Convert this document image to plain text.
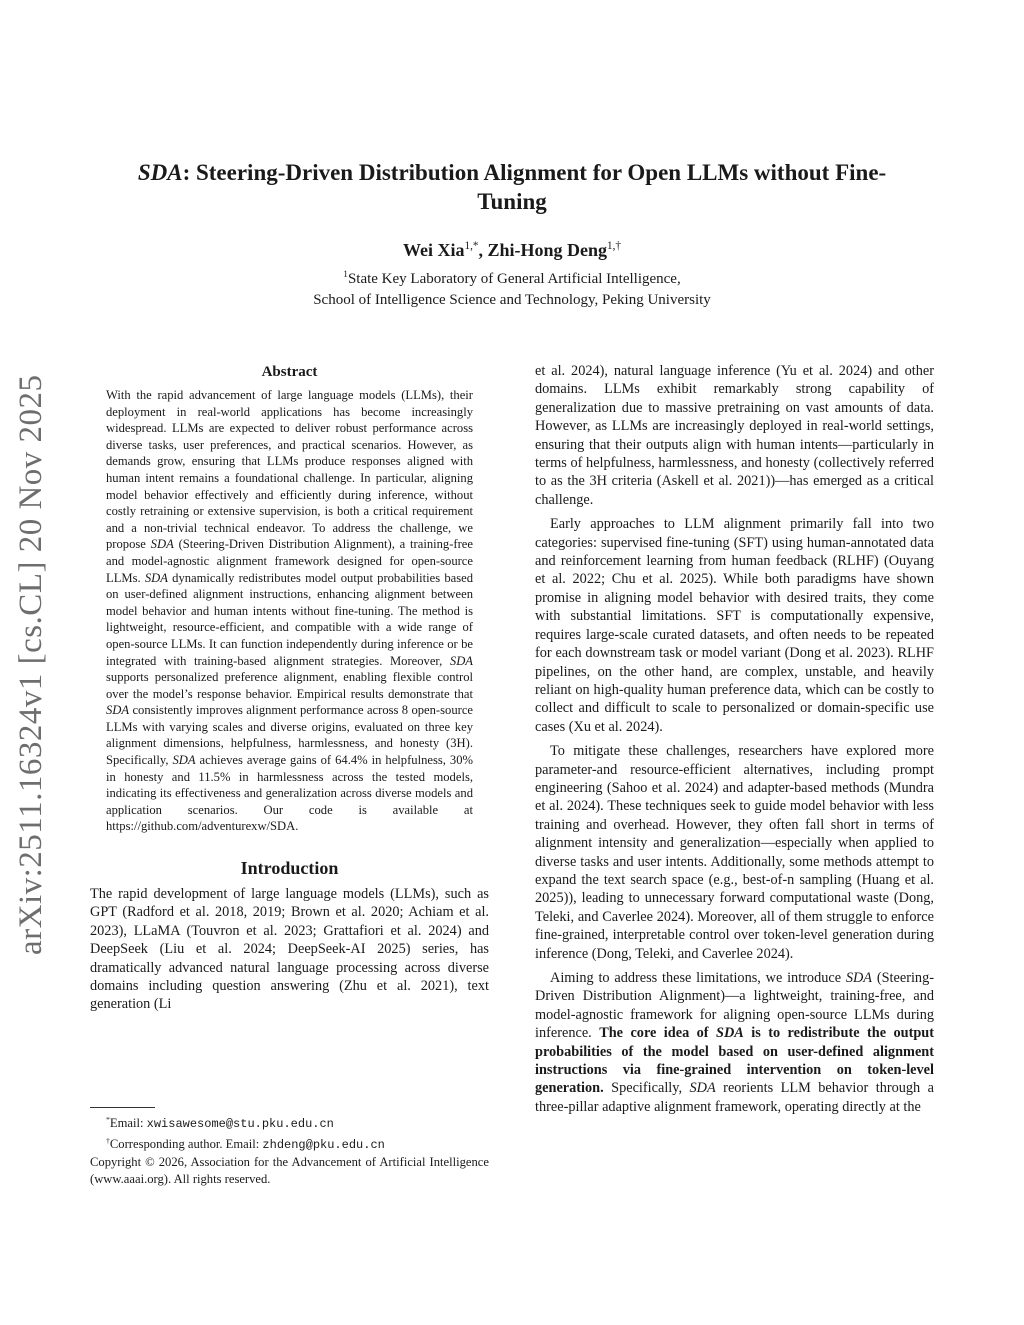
arXiv:2511.16324v1 [cs.CL] 20 Nov 2025
SDA: Steering-Driven Distribution Alignment for Open LLMs without Fine-Tuning
Wei Xia$^{1,*}$, Zhi-Hong Deng$^{1,\dagger}$
$^1$State Key Laboratory of General Artificial Intelligence,
School of Intelligence Science and Technology, Peking University
Abstract

With the rapid advancement of large language models (LLMs), their deployment in real-world applications has become increasingly widespread. LLMs are expected to deliver robust performance across diverse tasks, user preferences, and practical scenarios. However, as demands grow, ensuring that LLMs produce responses aligned with human intent remains a foundational challenge. In particular, aligning model behavior effectively and efficiently during inference, without costly retraining or extensive supervision, is both a critical requirement and a non-trivial technical endeavor. To address the challenge, we propose SDA (Steering-Driven Distribution Alignment), a training-free and model-agnostic alignment framework designed for open-source LLMs. SDA dynamically redistributes model output probabilities based on user-defined alignment instructions, enhancing alignment between model behavior and human intents without fine-tuning. The method is lightweight, resource-efficient, and compatible with a wide range of open-source LLMs. It can function independently during inference or be integrated with training-based alignment strategies. Moreover, SDA supports personalized preference alignment, enabling flexible control over the model’s response behavior. Empirical results demonstrate that SDA consistently improves alignment performance across 8 open-source LLMs with varying scales and diverse origins, evaluated on three key alignment dimensions, helpfulness, harmlessness, and honesty (3H). Specifically, SDA achieves average gains of 64.4% in helpfulness, 30% in honesty and 11.5% in harmlessness across the tested models, indicating its effectiveness and generalization across diverse models and application scenarios. Our code is available at https://github.com/adventurexw/SDA.

Introduction

The rapid development of large language models (LLMs), such as GPT (Radford et al. 2018, 2019; Brown et al. 2020; Achiam et al. 2023), LLaMA (Touvron et al. 2023; Grattafiori et al. 2024) and DeepSeek (Liu et al. 2024; DeepSeek-AI 2025) series, has dramatically advanced natural language processing across diverse domains including question answering (Zhu et al. 2021), text generation (Li

*Email: xwisawesome@stu.pku.edu.cn
†Corresponding author. Email: zhdeng@pku.edu.cn
Copyright © 2026, Association for the Advancement of Artificial Intelligence (www.aaai.org). All rights reserved.

et al. 2024), natural language inference (Yu et al. 2024) and other domains. LLMs exhibit remarkably strong capability of generalization due to massive pretraining on vast amounts of data. However, as LLMs are increasingly deployed in real-world settings, ensuring that their outputs align with human intents—particularly in terms of helpfulness, harmlessness, and honesty (collectively referred to as the 3H criteria (Askell et al. 2021))—has emerged as a critical challenge.

Early approaches to LLM alignment primarily fall into two categories: supervised fine-tuning (SFT) using human-annotated data and reinforcement learning from human feedback (RLHF) (Ouyang et al. 2022; Chu et al. 2025). While both paradigms have shown promise in aligning model behavior with desired traits, they come with substantial limitations. SFT is computationally expensive, requires large-scale curated datasets, and often needs to be repeated for each downstream task or model variant (Dong et al. 2023). RLHF pipelines, on the other hand, are complex, unstable, and heavily reliant on high-quality human preference data, which can be costly to collect and difficult to scale to personalized or domain-specific use cases (Xu et al. 2024).

To mitigate these challenges, researchers have explored more parameter-and resource-efficient alternatives, including prompt engineering (Sahoo et al. 2024) and adapter-based methods (Mundra et al. 2024). These techniques seek to guide model behavior with less training and overhead. However, they often fall short in terms of alignment intensity and generalization—especially when applied to diverse tasks and user intents. Additionally, some methods attempt to expand the text search space (e.g., best-of-n sampling (Huang et al. 2025)), leading to unnecessary forward computational waste (Dong, Teleki, and Caverlee 2024). Moreover, all of them struggle to enforce fine-grained, interpretable control over token-level generation during inference (Dong, Teleki, and Caverlee 2024).

Aiming to address these limitations, we introduce SDA (Steering-Driven Distribution Alignment)—a lightweight, training-free, and model-agnostic framework for aligning open-source LLMs during inference. The core idea of SDA is to redistribute the output probabilities of the model based on user-defined alignment instructions via fine-grained intervention on token-level generation. Specifically, SDA reorients LLM behavior through a three-pillar adaptive alignment framework, operating directly at the
